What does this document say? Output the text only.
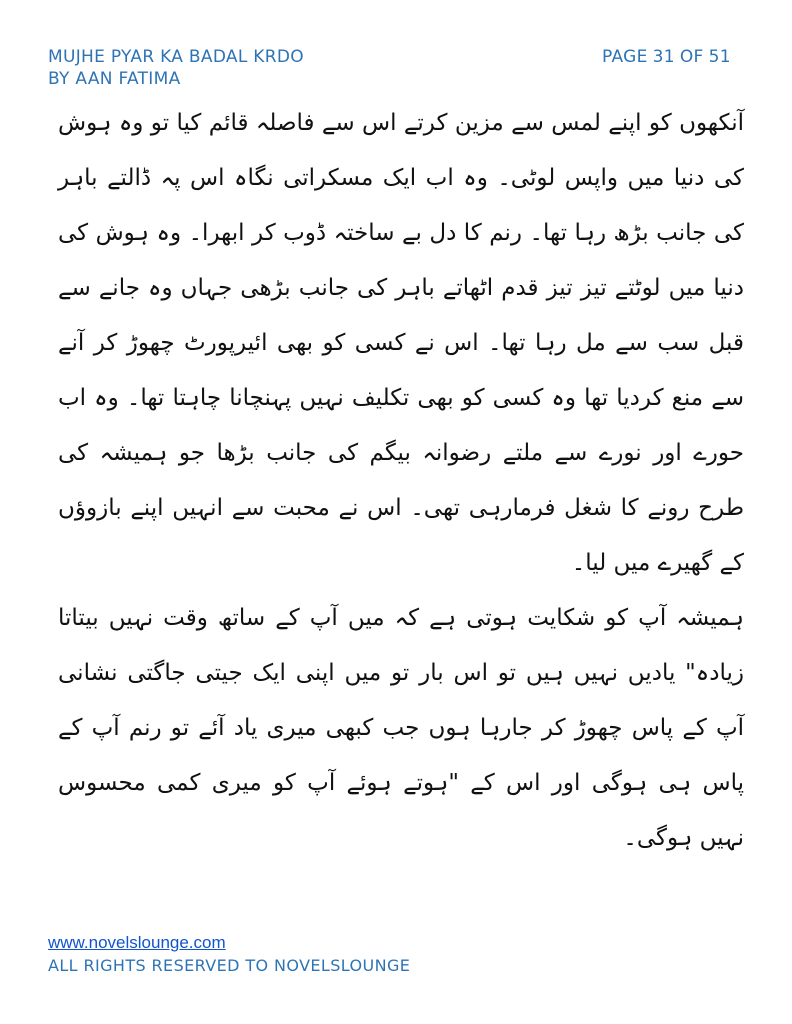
MUJHE PYAR KA BADAL KRDO
BY AAN FATIMA
PAGE 31 OF 51

آنکھوں کو اپنے لمس سے مزین کرتے اس سے فاصلہ قائم کیا تو وہ ہوش کی دنیا میں واپس لوٹی۔ وہ اب ایک مسکراتی نگاہ اس پہ ڈالتے باہر کی جانب بڑھ رہا تھا۔ رنم کا دل بے ساختہ ڈوب کر ابھرا۔ وہ ہوش کی دنیا میں لوٹتے تیز تیز قدم اٹھاتے باہر کی جانب بڑھی جہاں وہ جانے سے قبل سب سے مل رہا تھا۔ اس نے کسی کو بھی ائیرپورٹ چھوڑ کر آنے سے منع کردیا تھا وہ کسی کو بھی تکلیف نہیں پہنچانا چاہتا تھا۔ وہ اب حورے اور نورے سے ملتے رضوانہ بیگم کی جانب بڑھا جو ہمیشہ کی طرح رونے کا شغل فرمارہی تھی۔ اس نے محبت سے انہیں اپنے بازوؤں کے گھیرے میں لیا۔

ہمیشہ آپ کو شکایت ہوتی ہے کہ میں آپ کے ساتھ وقت نہیں بیتاتا زیادہ" یادیں نہیں ہیں تو اس بار تو میں اپنی ایک جیتی جاگتی نشانی آپ کے پاس چھوڑ کر جارہا ہوں جب کبھی میری یاد آئے تو رنم آپ کے پاس ہی ہوگی اور اس کے "ہوتے ہوئے آپ کو میری کمی محسوس نہیں ہوگی۔

www.novelslounge.com
ALL RIGHTS RESERVED TO NOVELSLOUNGE
